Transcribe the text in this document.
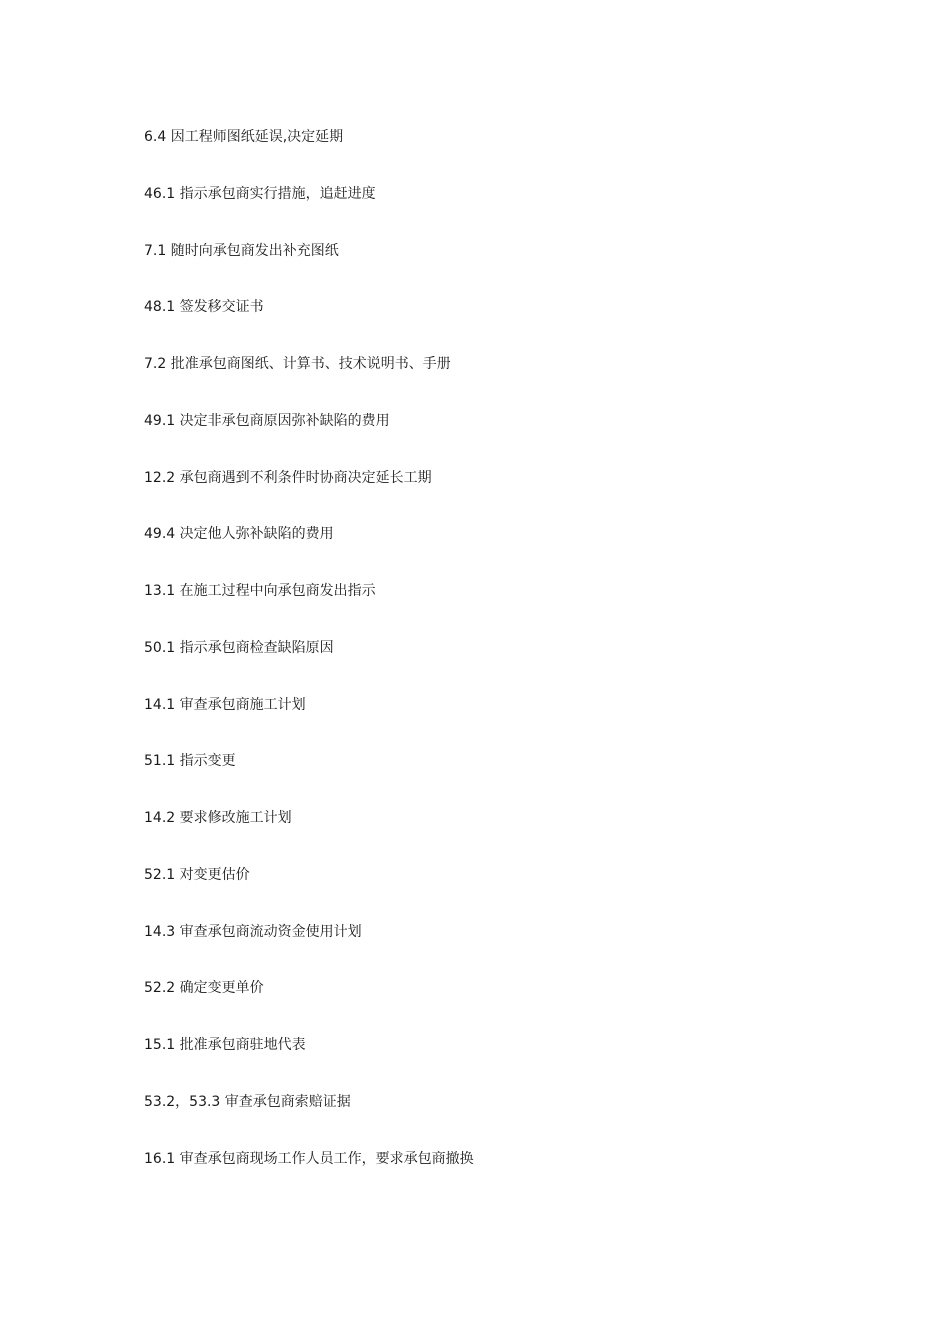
6.4 因工程师图纸延误,决定延期
46.1 指示承包商实行措施，追赶进度
7.1 随时向承包商发出补充图纸
48.1 签发移交证书
7.2 批准承包商图纸、计算书、技术说明书、手册
49.1 决定非承包商原因弥补缺陷的费用
12.2 承包商遇到不利条件时协商决定延长工期
49.4 决定他人弥补缺陷的费用
13.1 在施工过程中向承包商发出指示
50.1 指示承包商检查缺陷原因
14.1 审查承包商施工计划
51.1 指示变更
14.2 要求修改施工计划
52.1 对变更估价
14.3 审查承包商流动资金使用计划
52.2 确定变更单价
15.1 批准承包商驻地代表
53.2，53.3 审查承包商索赔证据
16.1 审查承包商现场工作人员工作，要求承包商撤换
